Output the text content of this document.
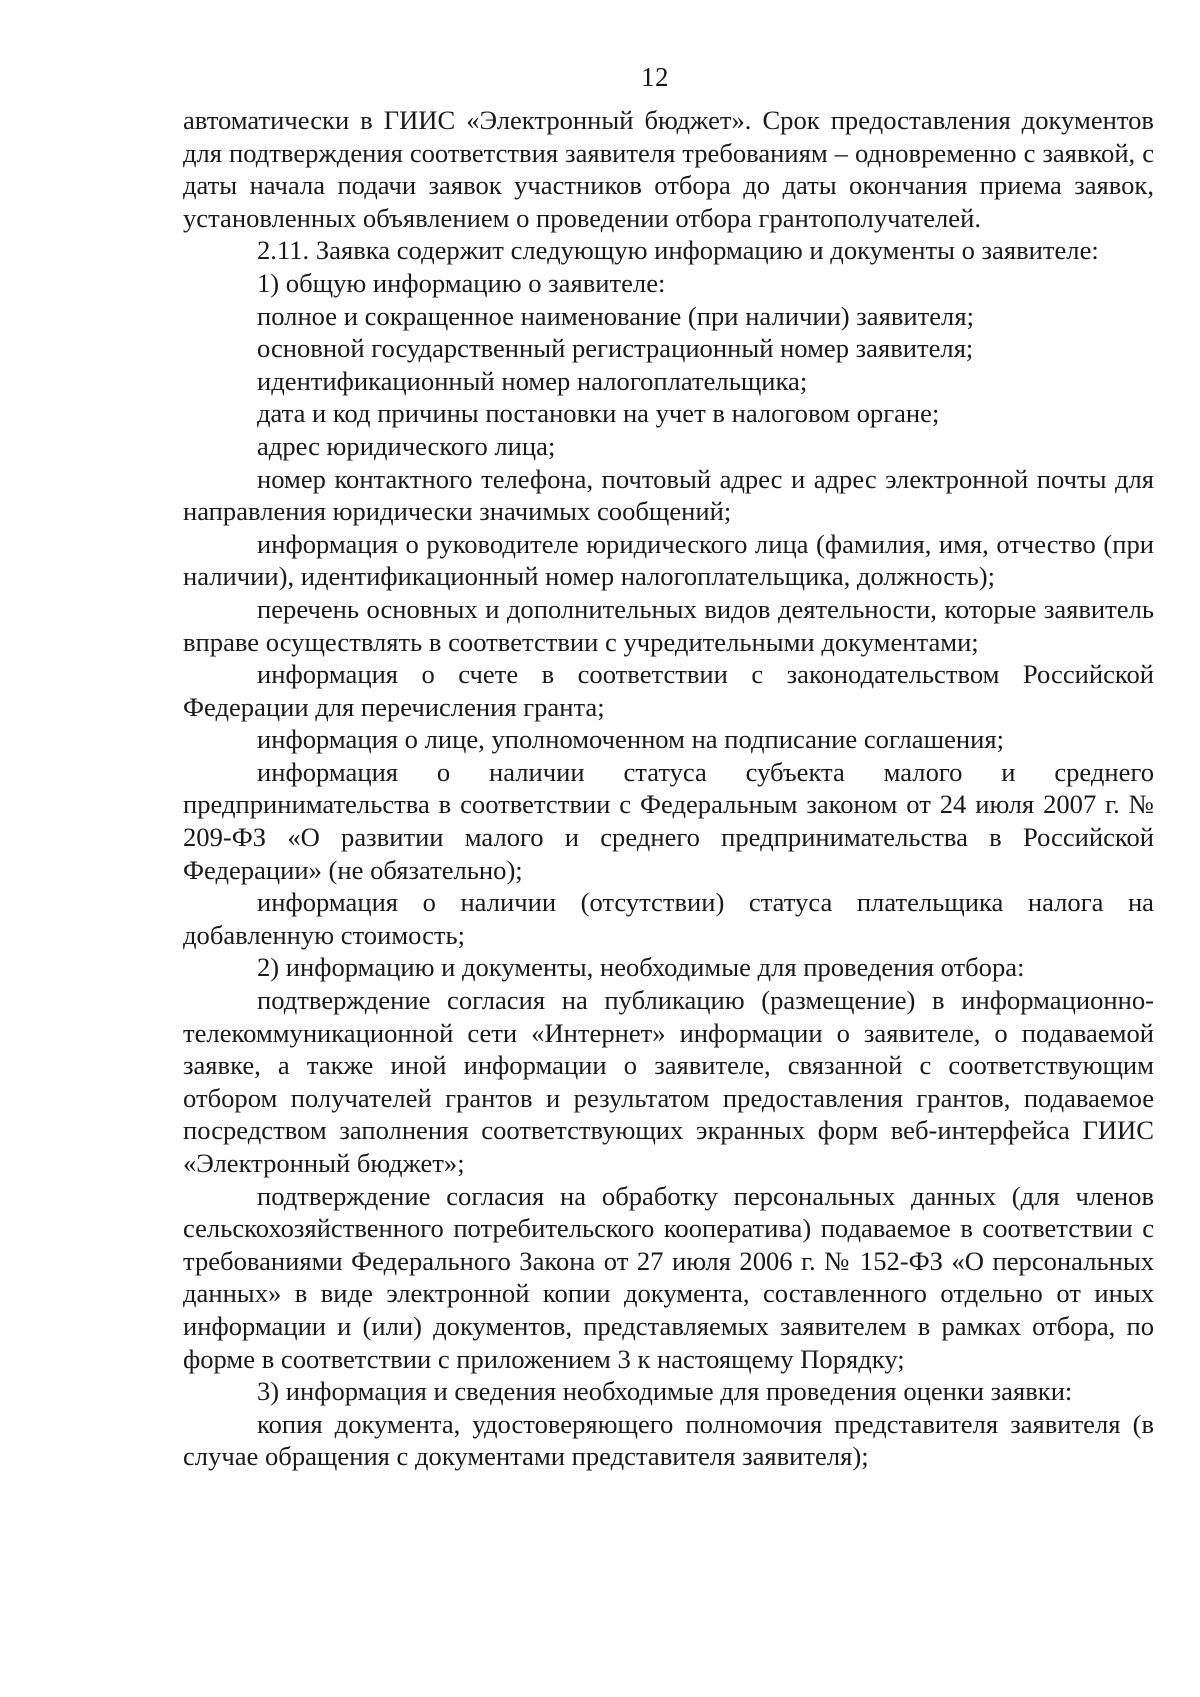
12

автоматически в ГИИС «Электронный бюджет». Срок предоставления документов для подтверждения соответствия заявителя требованиям – одновременно с заявкой, с даты начала подачи заявок участников отбора до даты окончания приема заявок, установленных объявлением о проведении отбора грантополучателей.

2.11. Заявка содержит следующую информацию и документы о заявителе:

1) общую информацию о заявителе:

полное и сокращенное наименование (при наличии) заявителя;

основной государственный регистрационный номер заявителя;

идентификационный номер налогоплательщика;

дата и код причины постановки на учет в налоговом органе;

адрес юридического лица;

номер контактного телефона, почтовый адрес и адрес электронной почты для направления юридически значимых сообщений;

информация о руководителе юридического лица (фамилия, имя, отчество (при наличии), идентификационный номер налогоплательщика, должность);

перечень основных и дополнительных видов деятельности, которые заявитель вправе осуществлять в соответствии с учредительными документами;

информация о счете в соответствии с законодательством Российской Федерации для перечисления гранта;

информация о лице, уполномоченном на подписание соглашения;

информация о наличии статуса субъекта малого и среднего предпринимательства в соответствии с Федеральным законом от 24 июля 2007 г. № 209-ФЗ «О развитии малого и среднего предпринимательства в Российской Федерации» (не обязательно);

информация о наличии (отсутствии) статуса плательщика налога на добавленную стоимость;

2) информацию и документы, необходимые для проведения отбора:

подтверждение согласия на публикацию (размещение) в информационно-телекоммуникационной сети «Интернет» информации о заявителе, о подаваемой заявке, а также иной информации о заявителе, связанной с соответствующим отбором получателей грантов и результатом предоставления грантов, подаваемое посредством заполнения соответствующих экранных форм веб-интерфейса ГИИС «Электронный бюджет»;

подтверждение согласия на обработку персональных данных (для членов сельскохозяйственного потребительского кооператива) подаваемое в соответствии с требованиями Федерального Закона от 27 июля 2006 г. № 152-ФЗ «О персональных данных» в виде электронной копии документа, составленного отдельно от иных информации и (или) документов, представляемых заявителем в рамках отбора, по форме в соответствии с приложением 3 к настоящему Порядку;

3) информация и сведения необходимые для проведения оценки заявки:

копия документа, удостоверяющего полномочия представителя заявителя (в случае обращения с документами представителя заявителя);
